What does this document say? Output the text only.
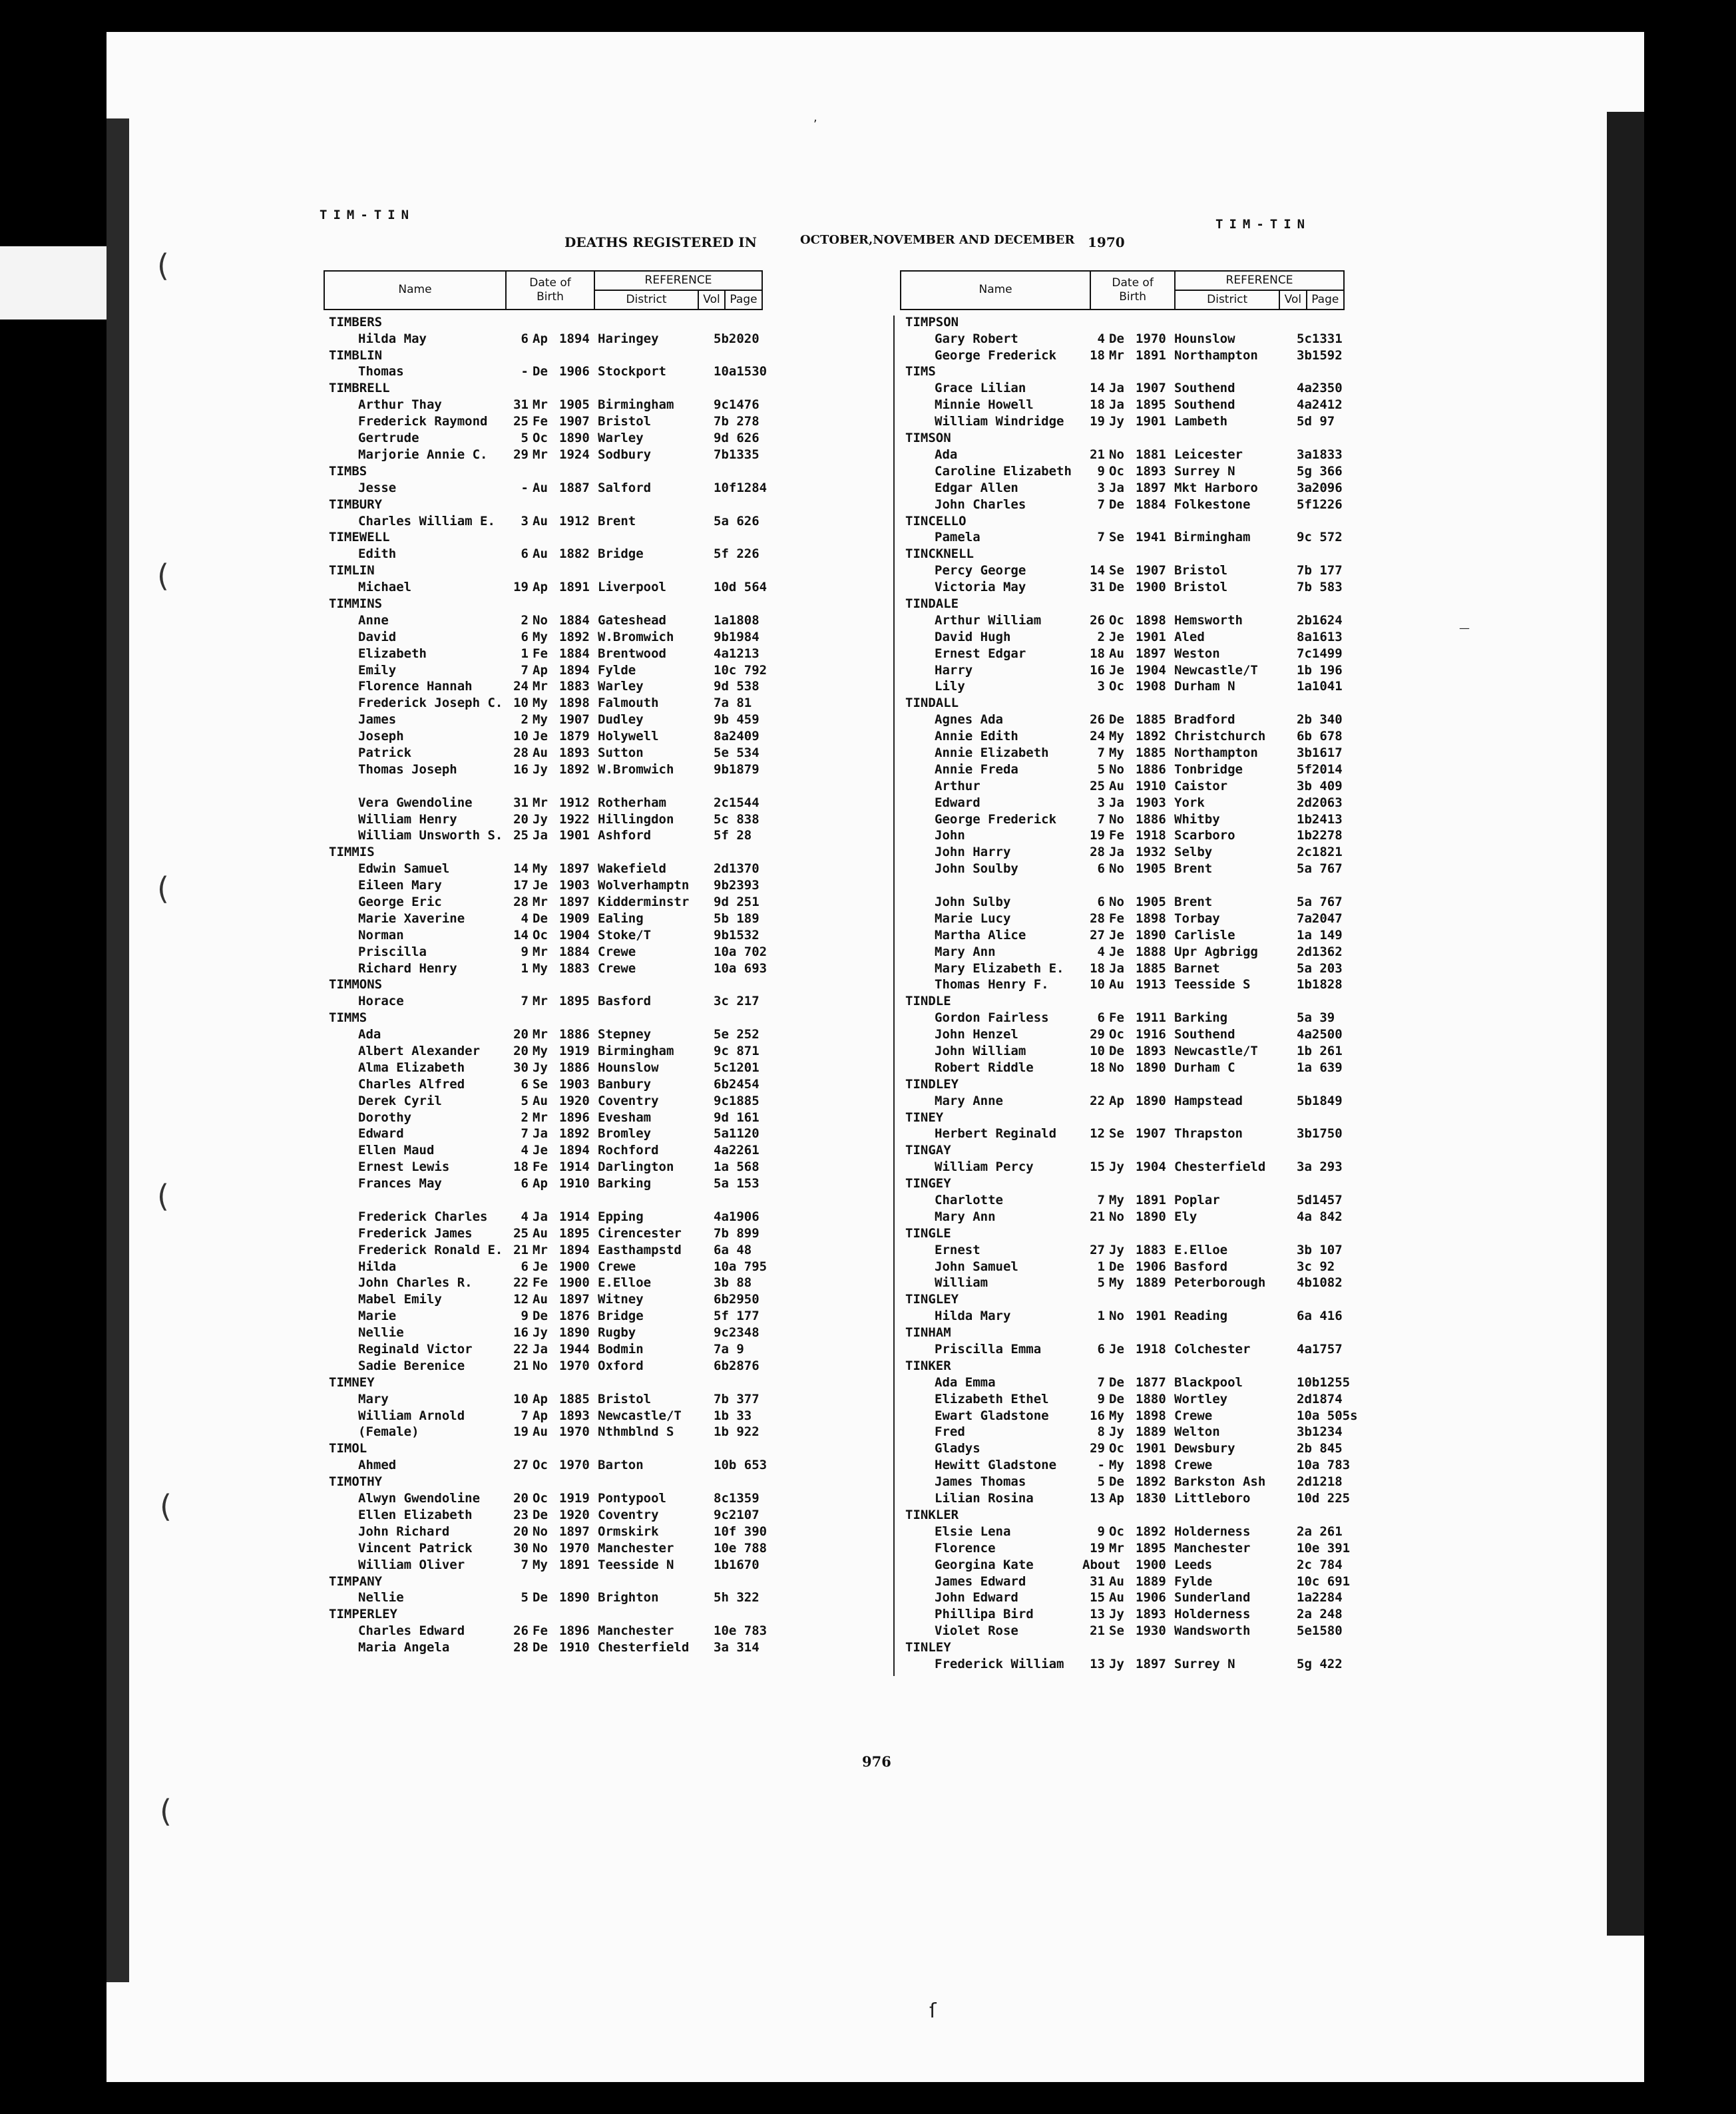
(
(
(
(
(
(
TIM-TIN
TIM-TIN
DEATHS REGISTERED IN	OCTOBER,NOVEMBER AND DECEMBER 1970
Name	Date of
Birth	REFERENCE		
		District	Vol	Page
TIMBERS
Hilda May	6 Ap 1894 Haringey	5b2020
TIMBLIN
Thomas	- De 1906 Stockport	10a1530
TIMBRELL
Arthur Thay	31 Mr 1905 Birmingham	9c1476
Frederick Raymond	25 Fe 1907 Bristol	7b 278
Gertrude	5 Oc 1890 Warley	9d 626
Marjorie Annie C.	29 Mr 1924 Sodbury	7b1335
TIMBS
Jesse	- Au 1887 Salford	10f1284
TIMBURY
Charles William E.	3 Au 1912 Brent	5a 626
TIMEWELL
Edith	6 Au 1882 Bridge	5f 226
TIMLIN
Michael	19 Ap 1891 Liverpool	10d 564
TIMMINS
Anne	2 No 1884 Gateshead	1a1808
David	6 My 1892 W.Bromwich	9b1984
Elizabeth	1 Fe 1884 Brentwood	4a1213
Emily	7 Ap 1894 Fylde	10c 792
Florence Hannah	24 Mr 1883 Warley	9d 538
Frederick Joseph C. 10 My 1898 Falmouth	7a 81
James	2 My 1907 Dudley	9b 459
Joseph	10 Je 1879 Holywell	8a2409
Patrick	28 Au 1893 Sutton	5e 534
Thomas Joseph	16 Jy 1892 W.Bromwich	9b1879
Vera Gwendoline	31 Mr 1912 Rotherham	2c1544
William Henry	20 Jy 1922 Hillingdon	5c 838
William Unsworth S. 25 Ja 1901 Ashford	5f 28
TIMMIS
Edwin Samuel	14 My 1897 Wakefield	2d1370
Eileen Mary	17 Je 1903 Wolverhamptn	9b2393
George Eric	28 Mr 1897 Kidderminstr	9d 251
Marie Xaverine	4 De 1909 Ealing	5b 189
Norman	14 Oc 1904 Stoke/T	9b1532
Priscilla	9 Mr 1884 Crewe	10a 702
Richard Henry	1 My 1883 Crewe	10a 693
TIMMONS
Horace	7 Mr 1895 Basford	3c 217
TIMMS
Ada	20 Mr 1886 Stepney	5e 252
Albert Alexander	20 My 1919 Birmingham	9c 871
Alma Elizabeth	30 Jy 1886 Hounslow	5c1201
Charles Alfred	6 Se 1903 Banbury	6b2454
Derek Cyril	5 Au 1920 Coventry	9c1885
Dorothy	2 Mr 1896 Evesham	9d 161
Edward	7 Ja 1892 Bromley	5a1120
Ellen Maud	4 Je 1894 Rochford	4a2261
Ernest Lewis	18 Fe 1914 Darlington	1a 568
Frances May	6 Ap 1910 Barking	5a 153
Frederick Charles	4 Ja 1914 Epping	4a1906
Frederick James	25 Au 1895 Cirencester	7b 899
Frederick Ronald E. 21 Mr 1894 Easthampstd	6a 48
Hilda	6 Je 1900 Crewe	10a 795
John Charles R.	22 Fe 1900 E.Elloe	3b 88
Mabel Emily	12 Au 1897 Witney	6b2950
Marie	9 De 1876 Bridge	5f 177
Nellie	16 Jy 1890 Rugby	9c2348
Reginald Victor	22 Ja 1944 Bodmin	7a 9
Sadie Berenice	21 No 1970 Oxford	6b2876
TIMNEY
Mary	10 Ap 1885 Bristol	7b 377
William Arnold	7 Ap 1893 Newcastle/T	1b 33
(Female)	19 Au 1970 Nthmblnd S	1b 922
TIMOL
Ahmed	27 Oc 1970 Barton	10b 653
TIMOTHY
Alwyn Gwendoline	20 Oc 1919 Pontypool	8c1359
Ellen Elizabeth	23 De 1920 Coventry	9c2107
John Richard	20 No 1897 Ormskirk	10f 390
Vincent Patrick	30 No 1970 Manchester	10e 788
William Oliver	7 My 1891 Teesside N	1b1670
TIMPANY
Nellie	5 De 1890 Brighton	5h 322
TIMPERLEY
Charles Edward	26 Fe 1896 Manchester	10e 783
Maria Angela	28 De 1910 Chesterfield	3a 314
Name	Date of
Birth	REFERENCE		
		District	Vol	Page
TIMPSON
Gary Robert	4 De 1970 Hounslow	5c1331
George Frederick	18 Mr 1891 Northampton	3b1592
TIMS
Grace Lilian	14 Ja 1907 Southend	4a2350
Minnie Howell	18 Ja 1895 Southend	4a2412
William Windridge	19 Jy 1901 Lambeth	5d 97
TIMSON
Ada	21 No 1881 Leicester	3a1833
Caroline Elizabeth	9 Oc 1893 Surrey N	5g 366
Edgar Allen	3 Ja 1897 Mkt Harboro	3a2096
John Charles	7 De 1884 Folkestone	5f1226
TINCELLO
Pamela	7 Se 1941 Birmingham	9c 572
TINCKNELL
Percy George	14 Se 1907 Bristol	7b 177
Victoria May	31 De 1900 Bristol	7b 583
TINDALE
Arthur William	26 Oc 1898 Hemsworth	2b1624
David Hugh	2 Je 1901 Aled	8a1613
Ernest Edgar	18 Au 1897 Weston	7c1499
Harry	16 Je 1904 Newcastle/T	1b 196
Lily	3 Oc 1908 Durham N	1a1041
TINDALL
Agnes Ada	26 De 1885 Bradford	2b 340
Annie Edith	24 My 1892 Christchurch	6b 678
Annie Elizabeth	7 My 1885 Northampton	3b1617
Annie Freda	5 No 1886 Tonbridge	5f2014
Arthur	25 Au 1910 Caistor	3b 409
Edward	3 Ja 1903 York	2d2063
George Frederick	7 No 1886 Whitby	1b2413
John	19 Fe 1918 Scarboro	1b2278
John Harry	28 Ja 1932 Selby	2c1821
John Soulby	6 No 1905 Brent	5a 767
John Sulby	6 No 1905 Brent	5a 767
Marie Lucy	28 Fe 1898 Torbay	7a2047
Martha Alice	27 Je 1890 Carlisle	1a 149
Mary Ann	4 Je 1888 Upr Agbrigg	2d1362
Mary Elizabeth E.	18 Ja 1885 Barnet	5a 203
Thomas Henry F.	10 Au 1913 Teesside S	1b1828
TINDLE
Gordon Fairless	6 Fe 1911 Barking	5a 39
John Henzel	29 Oc 1916 Southend	4a2500
John William	10 De 1893 Newcastle/T	1b 261
Robert Riddle	18 No 1890 Durham C	1a 639
TINDLEY
Mary Anne	22 Ap 1890 Hampstead	5b1849
TINEY
Herbert Reginald	12 Se 1907 Thrapston	3b1750
TINGAY
William Percy	15 Jy 1904 Chesterfield	3a 293
TINGEY
Charlotte	7 My 1891 Poplar	5d1457
Mary Ann	21 No 1890 Ely	4a 842
TINGLE
Ernest	27 Jy 1883 E.Elloe	3b 107
John Samuel	1 De 1906 Basford	3c 92
William	5 My 1889 Peterborough	4b1082
TINGLEY
Hilda Mary	1 No 1901 Reading	6a 416
TINHAM
Priscilla Emma	6 Je 1918 Colchester	4a1757
TINKER
Ada Emma	7 De 1877 Blackpool	10b1255
Elizabeth Ethel	9 De 1880 Wortley	2d1874
Ewart Gladstone	16 My 1898 Crewe	10a 505s
Fred	8 Jy 1889 Welton	3b1234
Gladys	29 Oc 1901 Dewsbury	2b 845
Hewitt Gladstone	- My 1898 Crewe	10a 783
James Thomas	5 De 1892 Barkston Ash	2d1218
Lilian Rosina	13 Ap 1830 Littleboro	10d 225
TINKLER
Elsie Lena	9 Oc 1892 Holderness	2a 261
Florence	19 Mr 1895 Manchester	10e 391
Georgina Kate	About 1900 Leeds	2c 784
James Edward	31 Au 1889 Fylde	10c 691
John Edward	15 Au 1906 Sunderland	1a2284
Phillipa Bird	13 Jy 1893 Holderness	2a 248
Violet Rose	21 Se 1930 Wandsworth	5e1580
TINLEY
Frederick William	13 Jy 1897 Surrey N	5g 422
976
,
—
ſ
